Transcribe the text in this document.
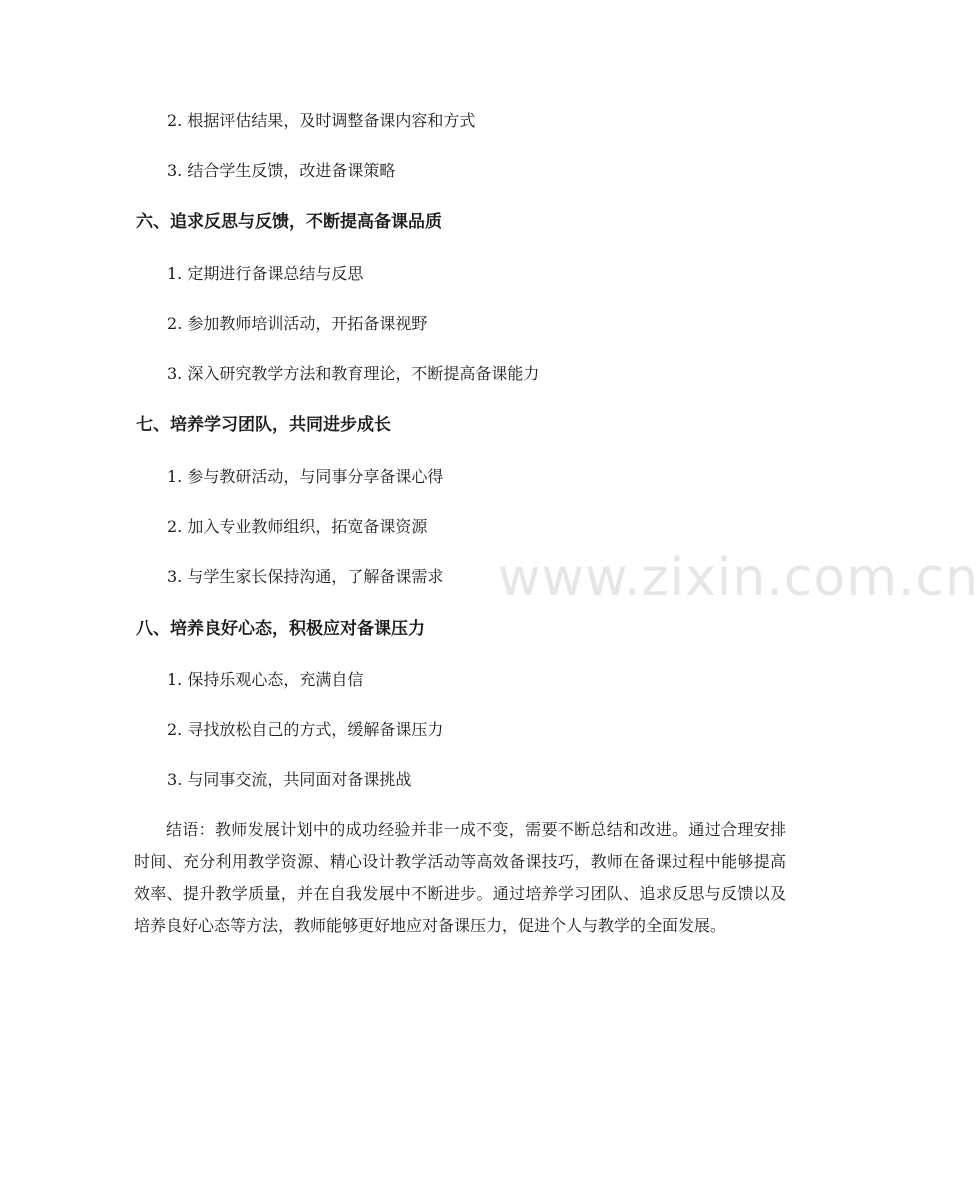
www.zixin.com.cn
2. 根据评估结果，及时调整备课内容和方式
3. 结合学生反馈，改进备课策略
六、追求反思与反馈，不断提高备课品质
1. 定期进行备课总结与反思
2. 参加教师培训活动，开拓备课视野
3. 深入研究教学方法和教育理论，不断提高备课能力
七、培养学习团队，共同进步成长
1. 参与教研活动，与同事分享备课心得
2. 加入专业教师组织，拓宽备课资源
3. 与学生家长保持沟通，了解备课需求
八、培养良好心态，积极应对备课压力
1. 保持乐观心态，充满自信
2. 寻找放松自己的方式，缓解备课压力
3. 与同事交流，共同面对备课挑战
结语：教师发展计划中的成功经验并非一成不变，需要不断总结和改进。通过合理安排时间、充分利用教学资源、精心设计教学活动等高效备课技巧，教师在备课过程中能够提高效率、提升教学质量，并在自我发展中不断进步。通过培养学习团队、追求反思与反馈以及培养良好心态等方法，教师能够更好地应对备课压力，促进个人与教学的全面发展。
